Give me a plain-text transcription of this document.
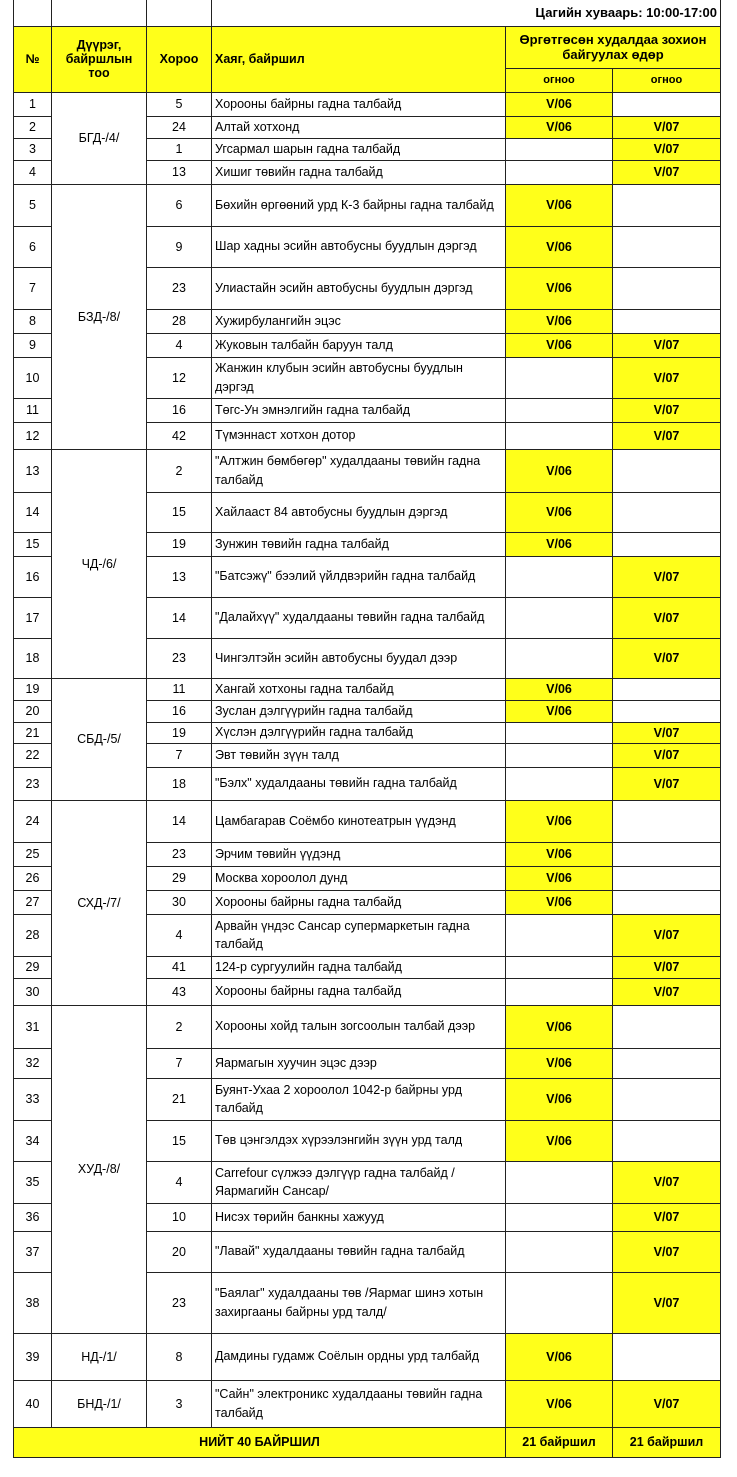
			Цагийн хуваарь: 10:00-17:00		
№	Дүүрэг, байршлын тоо	Хороо	Хаяг, байршил	Өргөтгөсөн худалдаа зохион байгуулах өдөр	
				огноо	огноо
1	БГД-/4/	5	Хорооны байрны гадна талбайд	V/06	
2		24	Алтай хотхонд	V/06	V/07
3		1	Угсармал шарын гадна талбайд		V/07
4		13	Хишиг төвийн гадна талбайд		V/07
5	БЗД-/8/	6	Бөхийн өргөөний урд К-3 байрны гадна талбайд	V/06	
6		9	Шар хадны эсийн автобусны буудлын дэргэд	V/06	
7		23	Улиастайн эсийн автобусны буудлын дэргэд	V/06	
8		28	Хужирбулангийн эцэс	V/06	
9		4	Жуковын талбайн баруун талд	V/06	V/07
10		12	Жанжин клубын эсийн автобусны буудлын дэргэд		V/07
11		16	Төгс-Ун эмнэлгийн гадна талбайд		V/07
12		42	Түмэннаст хотхон дотор		V/07
13	ЧД-/6/	2	"Алтжин бөмбөгөр" худалдааны төвийн гадна талбайд	V/06	
14		15	Хайлааст 84 автобусны буудлын дэргэд	V/06	
15		19	Зунжин төвийн гадна талбайд	V/06	
16		13	"Батсэжү" бээлий үйлдвэрийн гадна талбайд		V/07
17		14	"Далайхүү" худалдааны төвийн гадна талбайд		V/07
18		23	Чингэлтэйн эсийн автобусны буудал дээр		V/07
19	СБД-/5/	11	Хангай хотхоны гадна талбайд	V/06	
20		16	Зуслан дэлгүүрийн гадна талбайд	V/06	
21		19	Хүслэн дэлгүүрийн гадна талбайд		V/07
22		7	Эвт төвийн зүүн талд		V/07
23		18	"Бэлх" худалдааны төвийн гадна талбайд		V/07
24	СХД-/7/	14	Цамбагарав Соёмбо кинотеатрын үүдэнд	V/06	
25		23	Эрчим төвийн үүдэнд	V/06	
26		29	Москва хороолол дунд	V/06	
27		30	Хорооны байрны гадна талбайд	V/06	
28		4	Арвайн үндэс Сансар супермаркетын гадна талбайд		V/07
29		41	124-р сургуулийн гадна талбайд		V/07
30		43	Хорооны байрны гадна талбайд		V/07
31	ХУД-/8/	2	Хорооны хойд талын зогсоолын талбай дээр	V/06	
32		7	Яармагын хуучин эцэс дээр	V/06	
33		21	Буянт-Ухаа 2 хороолол 1042-р байрны урд талбайд	V/06	
34		15	Төв цэнгэлдэх хүрээлэнгийн зүүн урд талд	V/06	
35		4	Carrefour сүлжээ дэлгүүр гадна талбайд / Яармагийн Сансар/		V/07
36		10	Нисэх төрийн банкны хажууд		V/07
37		20	"Лавай" худалдааны төвийн гадна талбайд		V/07
38		23	"Баялаг" худалдааны төв /Яармаг шинэ хотын захиргааны байрны урд талд/		V/07
39	НД-/1/	8	Дамдины гудамж Соёлын ордны урд талбайд	V/06	
40	БНД-/1/	3	"Сайн" электроникс худалдааны төвийн гадна талбайд	V/06	V/07
НИЙТ 40 БАЙРШИЛ				21 байршил	21 байршил
